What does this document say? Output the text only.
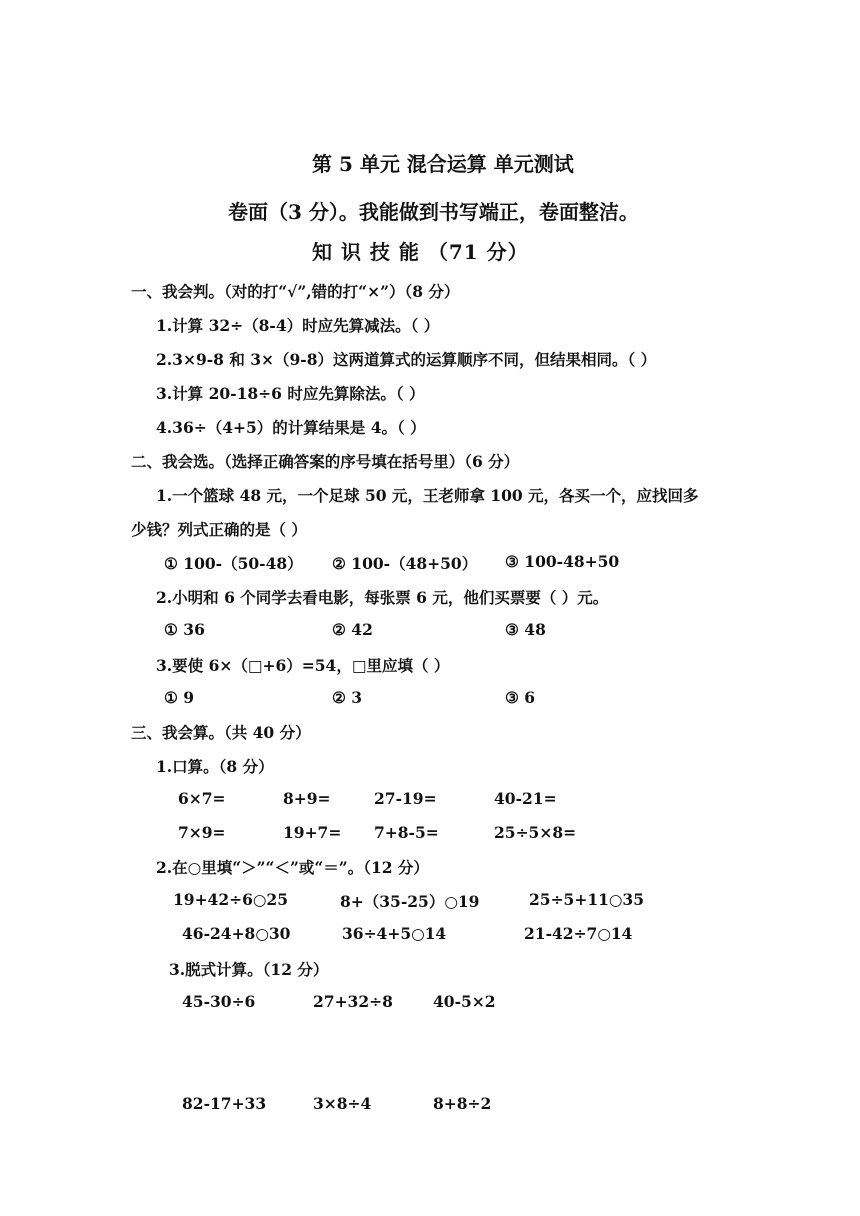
第 5 单元 混合运算 单元测试
卷面（3 分）。我能做到书写端正，卷面整洁。
知 识 技 能 （71 分）
一、我会判。（对的打“√”,错的打“×”）（8 分）
1.计算 32÷（8-4）时应先算减法。（ ）
2.3×9-8 和 3×（9-8）这两道算式的运算顺序不同，但结果相同。（ ）
3.计算 20-18÷6 时应先算除法。（ ）
4.36÷（4+5）的计算结果是 4。（ ）
二、我会选。（选择正确答案的序号填在括号里）（6 分）
1.一个篮球 48 元，一个足球 50 元，王老师拿 100 元，各买一个，应找回多
少钱？列式正确的是（ ）
① 100-（50-48） ② 100-（48+50） ③ 100-48+50
2.小明和 6 个同学去看电影，每张票 6 元，他们买票要（ ）元。
① 36	② 42	③ 48
3.要使 6×（□+6）=54，□里应填（ ）
① 9	② 3	③ 6
三、我会算。（共 40 分）
1.口算。（8 分）
6×7=	8+9=	27-19=	40-21=
7×9=	19+7= 7+8-5=	25÷5×8=
2.在○里填“＞”“＜”或“＝”。（12 分）
19+42÷6○25	8+（35-25）○19	25÷5+11○35
46-24+8○30	36÷4+5○14	21-42÷7○14
3.脱式计算。（12 分）
45-30÷6	27+32÷8	40-5×2
82-17+33	3×8÷4	8+8÷2
